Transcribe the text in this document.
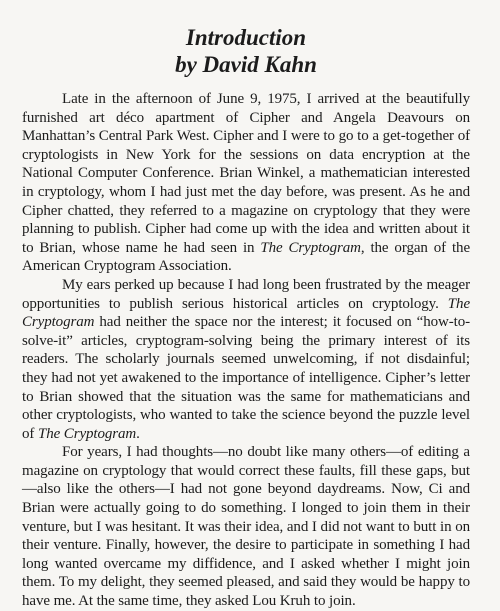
Introduction
by David Kahn

Late in the afternoon of June 9, 1975, I arrived at the beautifully furnished art déco apartment of Cipher and Angela Deavours on Manhattan’s Central Park West. Cipher and I were to go to a get-together of cryptologists in New York for the sessions on data encryption at the National Computer Conference. Brian Winkel, a mathematician interested in cryptology, whom I had just met the day before, was present. As he and Cipher chatted, they referred to a magazine on cryptology that they were planning to publish. Cipher had come up with the idea and written about it to Brian, whose name he had seen in The Cryptogram, the organ of the American Cryptogram Association.

My ears perked up because I had long been frustrated by the meager opportunities to publish serious historical articles on cryptology. The Cryptogram had neither the space nor the interest; it focused on “how-to-solve-it” articles, cryptogram-solving being the primary interest of its readers. The scholarly journals seemed unwelcoming, if not disdainful; they had not yet awakened to the importance of intelligence. Cipher’s letter to Brian showed that the situation was the same for mathematicians and other cryptologists, who wanted to take the science beyond the puzzle level of The Cryptogram.

For years, I had thoughts—no doubt like many others—of editing a magazine on cryptology that would correct these faults, fill these gaps, but—also like the others—I had not gone beyond daydreams. Now, Ci and Brian were actually going to do something. I longed to join them in their venture, but I was hesitant. It was their idea, and I did not want to butt in on their venture. Finally, however, the desire to participate in something I had long wanted overcame my diffidence, and I asked whether I might join them. To my delight, they seemed pleased, and said they would be happy to have me. At the same time, they asked Lou Kruh to join.
